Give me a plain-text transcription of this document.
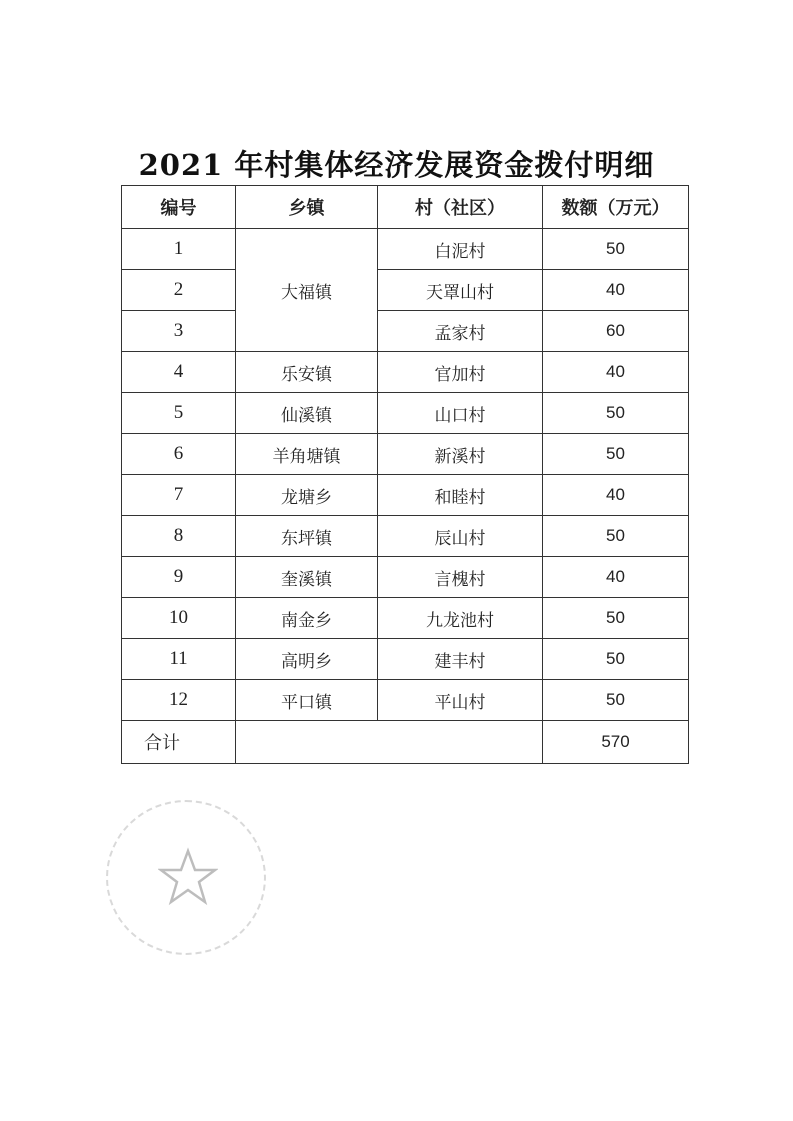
2021 年村集体经济发展资金拨付明细
编号	乡镇	村（社区）	数额（万元）
1	大福镇	白泥村	50
2		天罩山村	40
3		孟家村	60
4	乐安镇	官加村	40
5	仙溪镇	山口村	50
6	羊角塘镇	新溪村	50
7	龙塘乡	和睦村	40
8	东坪镇	辰山村	50
9	奎溪镇	言槐村	40
10	南金乡	九龙池村	50
11	高明乡	建丰村	50
12	平口镇	平山村	50
合计			570
